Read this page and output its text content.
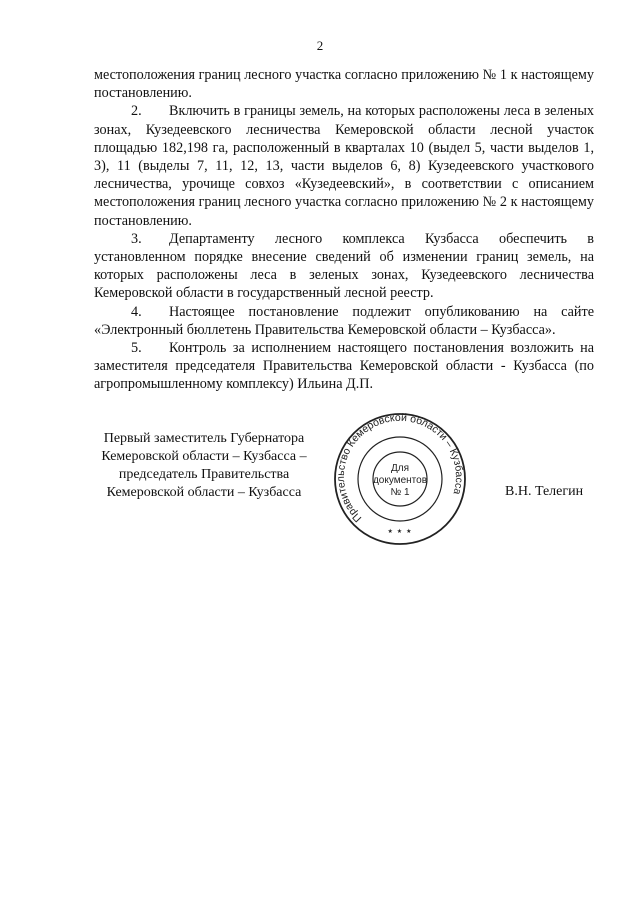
2

местоположения границ лесного участка согласно приложению № 1 к настоящему постановлению.

2. Включить в границы земель, на которых расположены леса в зеленых зонах, Кузедеевского лесничества Кемеровской области лесной участок площадью 182,198 га, расположенный в кварталах 10 (выдел 5, части выделов 1, 3), 11 (выделы 7, 11, 12, 13, части выделов 6, 8) Кузедеевского участкового лесничества, урочище совхоз «Кузедеевский», в соответствии с описанием местоположения границ лесного участка согласно приложению № 2 к настоящему постановлению.

3. Департаменту лесного комплекса Кузбасса обеспечить в установленном порядке внесение сведений об изменении границ земель, на которых расположены леса в зеленых зонах, Кузедеевского лесничества Кемеровской области в государственный лесной реестр.

4. Настоящее постановление подлежит опубликованию на сайте «Электронный бюллетень Правительства Кемеровской области – Кузбасса».

5. Контроль за исполнением настоящего постановления возложить на заместителя председателя Правительства Кемеровской области - Кузбасса (по агропромышленному комплексу) Ильина Д.П.

Первый заместитель Губернатора
Кемеровской области – Кузбасса –
председатель Правительства
Кемеровской области – Кузбасса
Правительство Кемеровской области – Кузбасса
★ ★ ★
Для
документов
№ 1	В.Н. Телегин
